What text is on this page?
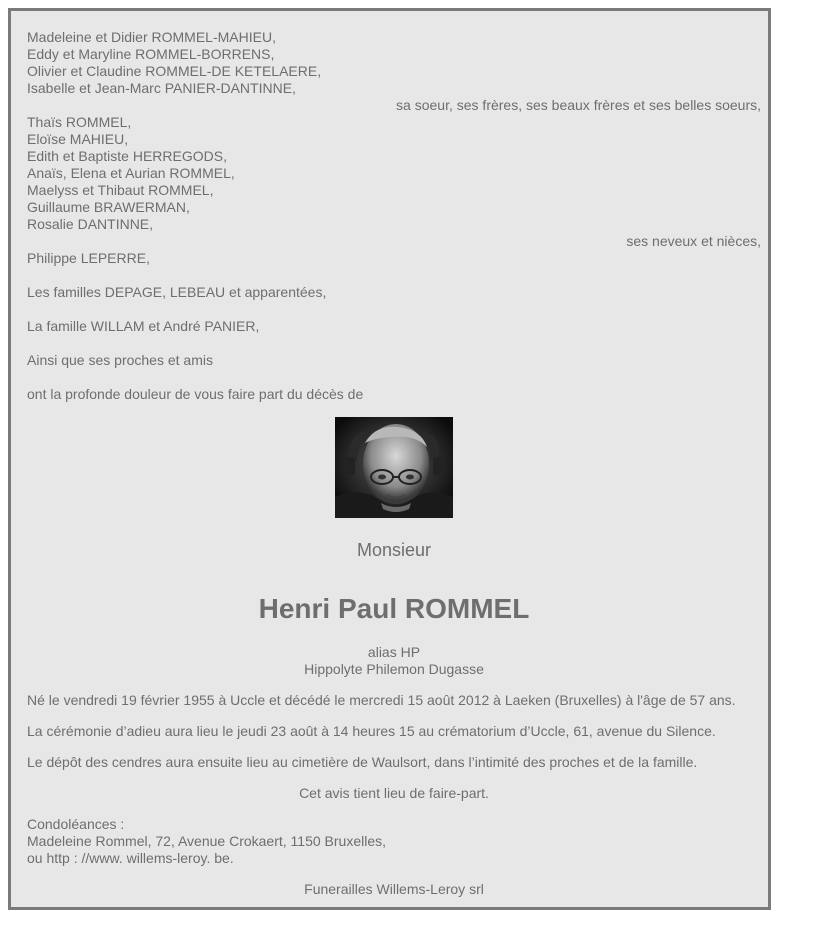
Madeleine et Didier ROMMEL-MAHIEU,
Eddy et Maryline ROMMEL-BORRENS,
Olivier et Claudine ROMMEL-DE KETELAERE,
Isabelle et Jean-Marc PANIER-DANTINNE,
sa soeur, ses frères, ses beaux frères et ses belles soeurs,
Thaïs ROMMEL,
Eloïse MAHIEU,
Edith et Baptiste HERREGODS,
Anaïs, Elena et Aurian ROMMEL,
Maelyss et Thibaut ROMMEL,
Guillaume BRAWERMAN,
Rosalie DANTINNE,
ses neveux et nièces,
Philippe LEPERRE,
Les familles DEPAGE, LEBEAU et apparentées,
La famille WILLAM et André PANIER,
Ainsi que ses proches et amis
ont la profonde douleur de vous faire part du décès de
Monsieur
Henri Paul ROMMEL
alias HP
Hippolyte Philemon Dugasse
Né le vendredi 19 février 1955 à Uccle et décédé le mercredi 15 août 2012 à Laeken (Bruxelles) à l'âge de 57 ans.
La cérémonie d’adieu aura lieu le jeudi 23 août à 14 heures 15 au crématorium d’Uccle, 61, avenue du Silence.
Le dépôt des cendres aura ensuite lieu au cimetière de Waulsort, dans l’intimité des proches et de la famille.
Cet avis tient lieu de faire-part.
Condoléances :
Madeleine Rommel, 72, Avenue Crokaert, 1150 Bruxelles,
ou http : //www. willems-leroy. be.
Funerailles Willems-Leroy srl
